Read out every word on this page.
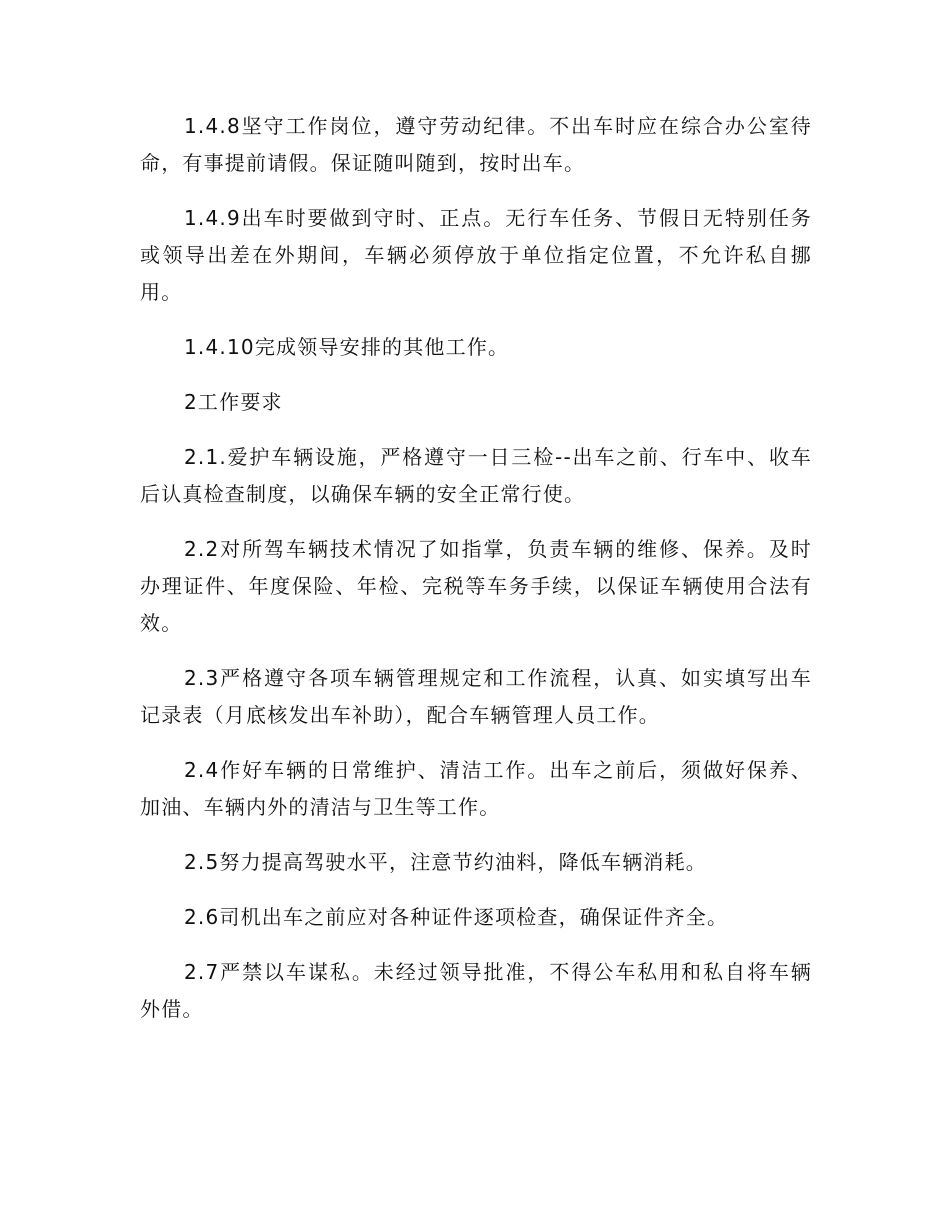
1.4.8坚守工作岗位，遵守劳动纪律。不出车时应在综合办公室待命，有事提前请假。保证随叫随到，按时出车。

1.4.9出车时要做到守时、正点。无行车任务、节假日无特别任务或领导出差在外期间，车辆必须停放于单位指定位置，不允许私自挪用。

1.4.10完成领导安排的其他工作。

2工作要求

2.1.爱护车辆设施，严格遵守一日三检--出车之前、行车中、收车后认真检查制度，以确保车辆的安全正常行使。

2.2对所驾车辆技术情况了如指掌，负责车辆的维修、保养。及时办理证件、年度保险、年检、完税等车务手续，以保证车辆使用合法有效。

2.3严格遵守各项车辆管理规定和工作流程，认真、如实填写出车记录表（月底核发出车补助），配合车辆管理人员工作。

2.4作好车辆的日常维护、清洁工作。出车之前后，须做好保养、加油、车辆内外的清洁与卫生等工作。

2.5努力提高驾驶水平，注意节约油料，降低车辆消耗。

2.6司机出车之前应对各种证件逐项检查，确保证件齐全。

2.7严禁以车谋私。未经过领导批准，不得公车私用和私自将车辆外借。
